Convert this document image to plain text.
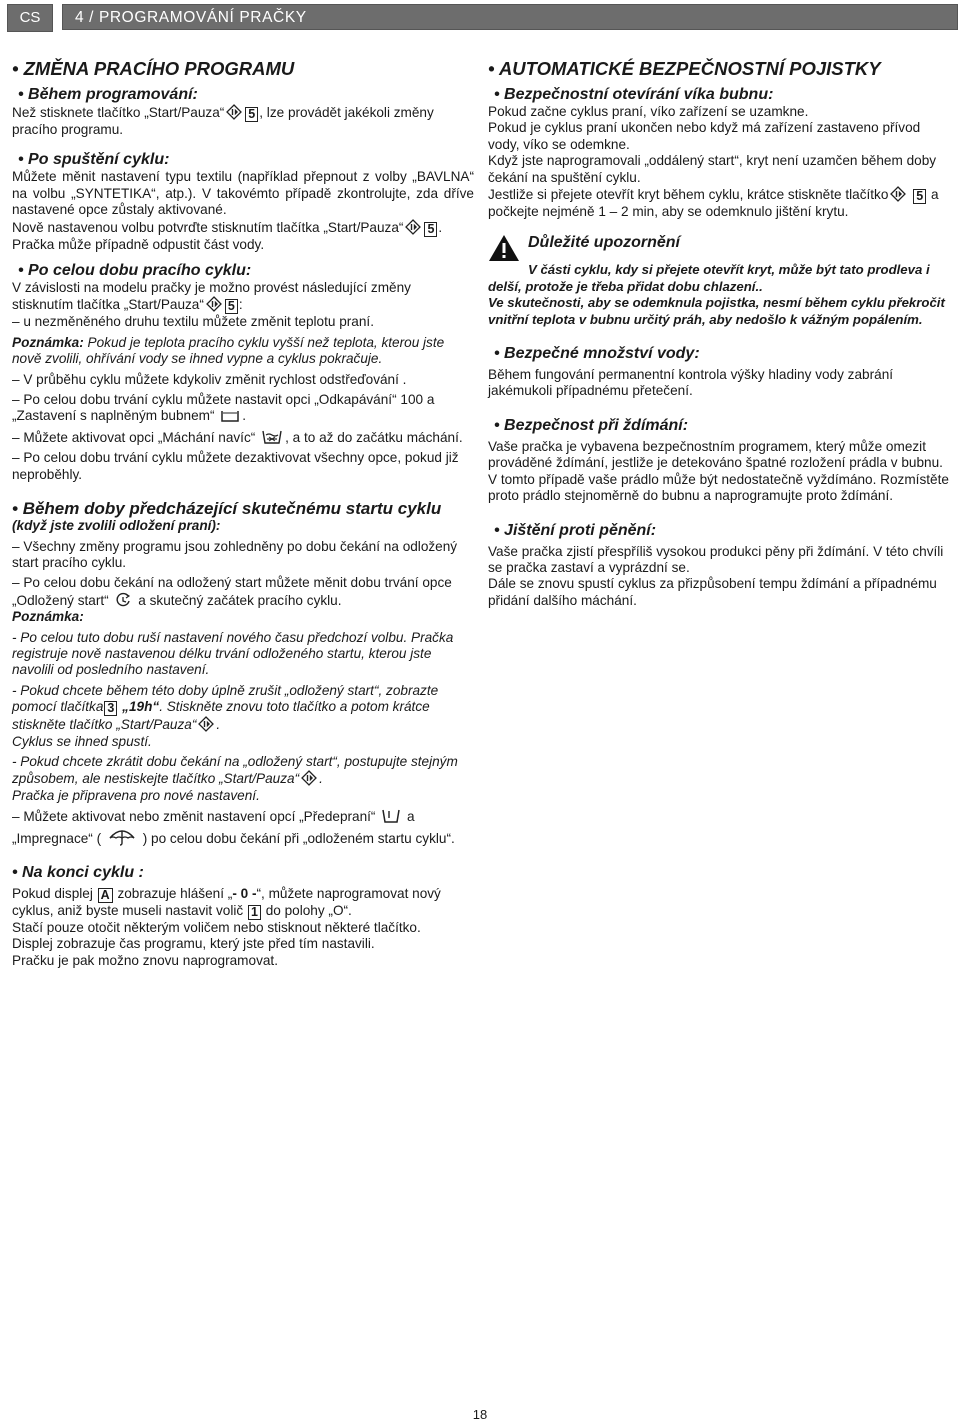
CS	4 / PROGRAMOVÁNÍ PRAČKY
• ZMĚNA PRACÍHO PROGRAMU
• Během programování:

Než stisknete tlačítko „Start/Pauza“ 5 , lze provádět jakékoli změny pracího programu.

• Po spuštění cyklu:

Můžete měnit nastavení typu textilu (například přepnout z volby „BAVLNA“ na volbu „SYNTETIKA“, atp.). V takovémto případě zkontrolujte, zda dříve nastavené opce zůstaly aktivované.

Nově nastavenou volbu potvrďte stisknutím tlačítka „Start/Pauza“ 5 .

Pračka může případně odpustit část vody.

• Po celou dobu pracího cyklu:

V závislosti na modelu pračky je možno provést následující změny stisknutím tlačítka „Start/Pauza“ 5 :

– u nezměněného druhu textilu můžete změnit teplotu praní.

Poznámka: Pokud je teplota pracího cyklu vyšší než teplota, kterou jste nově zvolili, ohřívání vody se ihned vypne a cyklus pokračuje.

– V průběhu cyklu můžete kdykoliv změnit rychlost odstřeďování .

– Po celou dobu trvání cyklu můžete nastavit opci „Odkapávání“ 100 a „Zastavení s naplněným bubnem“ .

– Můžete aktivovat opci „Máchání navíc“ , a to až do začátku máchání.

– Po celou dobu trvání cyklu můžete dezaktivovat všechny opce, pokud již neproběhly.

• Během doby předcházející skutečnému startu cyklu

(když jste zvolili odložení praní):

– Všechny změny programu jsou zohledněny po dobu čekání na odložený start pracího cyklu.

– Po celou dobu čekání na odložený start můžete měnit dobu trvání opce „Odložený start“ a skutečný začátek pracího cyklu.

Poznámka:

- Po celou tuto dobu ruší nastavení nového času předchozí volbu. Pračka registruje nově nastavenou délku trvání odloženého startu, kterou jste navolili od posledního nastavení.

- Pokud chcete během této doby úplně zrušit „odložený start“, zobrazte pomocí tlačítka 3 „19h“. Stiskněte znovu toto tlačítko a potom krátce stiskněte tlačítko „Start/Pauza“ .

Cyklus se ihned spustí.

- Pokud chcete zkrátit dobu čekání na „odložený start“, postupujte stejným způsobem, ale nestiskejte tlačítko „Start/Pauza“ .

Pračka je připravena pro nové nastavení.

– Můžete aktivovat nebo změnit nastavení opcí „Předepraní“ a „Impregnace“ (	) po celou dobu čekání při „odloženém startu cyklu“.

• Na konci cyklu :

Pokud displej A zobrazuje hlášení „- 0 -“, můžete naprogramovat nový cyklus, aniž byste museli nastavit volič 1 do polohy „O“.

Stačí pouze otočit některým voličem nebo stisknout některé tlačítko.

Displej zobrazuje čas programu, který jste před tím nastavili.

Pračku je pak možno znovu naprogramovat.

• AUTOMATICKÉ BEZPEČNOSTNÍ POJISTKY
• Bezpečnostní otevírání víka bubnu:

Pokud začne cyklus praní, víko zařízení se uzamkne.

Pokud je cyklus praní ukončen nebo když má zařízení zastaveno přívod vody, víko se odemkne.

Když jste naprogramovali „oddálený start“, kryt není uzamčen během doby čekání na spuštění cyklu.

Jestliže si přejete otevřít kryt během cyklu, krátce stiskněte tlačítko 5 a počkejte nejméně 1 – 2 min, aby se odemknulo jištění krytu.

Důležité upozornění

V části cyklu, kdy si přejete otevřít kryt, může být tato prodleva i delší, protože je třeba přidat dobu chlazení..

Ve skutečnosti, aby se odemknula pojistka, nesmí během cyklu překročit vnitřní teplota v bubnu určitý práh, aby nedošlo k vážným popálením.

• Bezpečné množství vody:

Během fungování permanentní kontrola výšky hladiny vody zabrání jakémukoli případnému přetečení.

• Bezpečnost při ždímání:

Vaše pračka je vybavena bezpečnostním programem, který může omezit prováděné ždímání, jestliže je detekováno špatné rozložení prádla v bubnu.

V tomto případě vaše prádlo může být nedostatečně vyždímáno. Rozmístěte proto prádlo stejnoměrně do bubnu a naprogramujte proto ždímání.

• Jištění proti pěnění:

Vaše pračka zjistí přespříliš vysokou produkci pěny při ždímání. V této chvíli se pračka zastaví a vyprázdní se.

Dále se znovu spustí cyklus za přizpůsobení tempu ždímání a případnému přidání dalšího máchání.

18
